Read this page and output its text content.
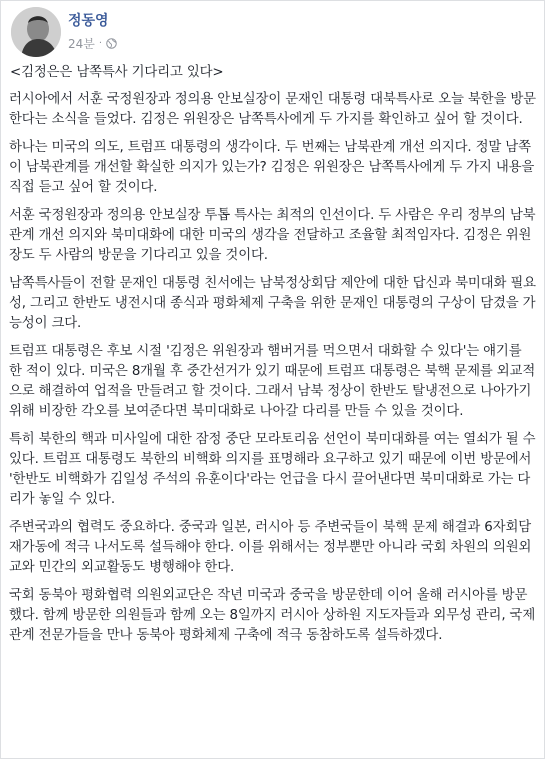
정동영
24분 ·

<김정은은 남쪽특사 기다리고 있다>

러시아에서 서훈 국정원장과 정의용 안보실장이 문재인 대통령 대북특사로 오늘 북한을 방문한다는 소식을 들었다. 김정은 위원장은 남쪽특사에게 두 가지를 확인하고 싶어 할 것이다.

하나는 미국의 의도, 트럼프 대통령의 생각이다. 두 번째는 남북관계 개선 의지다. 정말 남쪽이 남북관계를 개선할 확실한 의지가 있는가? 김정은 위원장은 남쪽특사에게 두 가지 내용을 직접 듣고 싶어 할 것이다.

서훈 국정원장과 정의용 안보실장 투톱 특사는 최적의 인선이다. 두 사람은 우리 정부의 남북관계 개선 의지와 북미대화에 대한 미국의 생각을 전달하고 조율할 최적임자다. 김정은 위원장도 두 사람의 방문을 기다리고 있을 것이다.

남쪽특사들이 전할 문재인 대통령 친서에는 남북정상회담 제안에 대한 답신과 북미대화 필요성, 그리고 한반도 냉전시대 종식과 평화체제 구축을 위한 문재인 대통령의 구상이 담겼을 가능성이 크다.

트럼프 대통령은 후보 시절 '김정은 위원장과 햄버거를 먹으면서 대화할 수 있다'는 얘기를 한 적이 있다. 미국은 8개월 후 중간선거가 있기 때문에 트럼프 대통령은 북핵 문제를 외교적으로 해결하여 업적을 만들려고 할 것이다. 그래서 남북 정상이 한반도 탈냉전으로 나아가기 위해 비장한 각오를 보여준다면 북미대화로 나아갈 다리를 만들 수 있을 것이다.

특히 북한의 핵과 미사일에 대한 잠정 중단 모라토리움 선언이 북미대화를 여는 열쇠가 될 수 있다. 트럼프 대통령도 북한의 비핵화 의지를 표명해라 요구하고 있기 때문에 이번 방문에서 '한반도 비핵화가 김일성 주석의 유훈이다'라는 언급을 다시 끌어낸다면 북미대화로 가는 다리가 놓일 수 있다.

주변국과의 협력도 중요하다. 중국과 일본, 러시아 등 주변국들이 북핵 문제 해결과 6자회담 재가동에 적극 나서도록 설득해야 한다. 이를 위해서는 정부뿐만 아니라 국회 차원의 의원외교와 민간의 외교활동도 병행해야 한다.

국회 동북아 평화협력 의원외교단은 작년 미국과 중국을 방문한데 이어 올해 러시아를 방문했다. 함께 방문한 의원들과 함께 오는 8일까지 러시아 상하원 지도자들과 외무성 관리, 국제관계 전문가들을 만나 동북아 평화체제 구축에 적극 동참하도록 설득하겠다.
